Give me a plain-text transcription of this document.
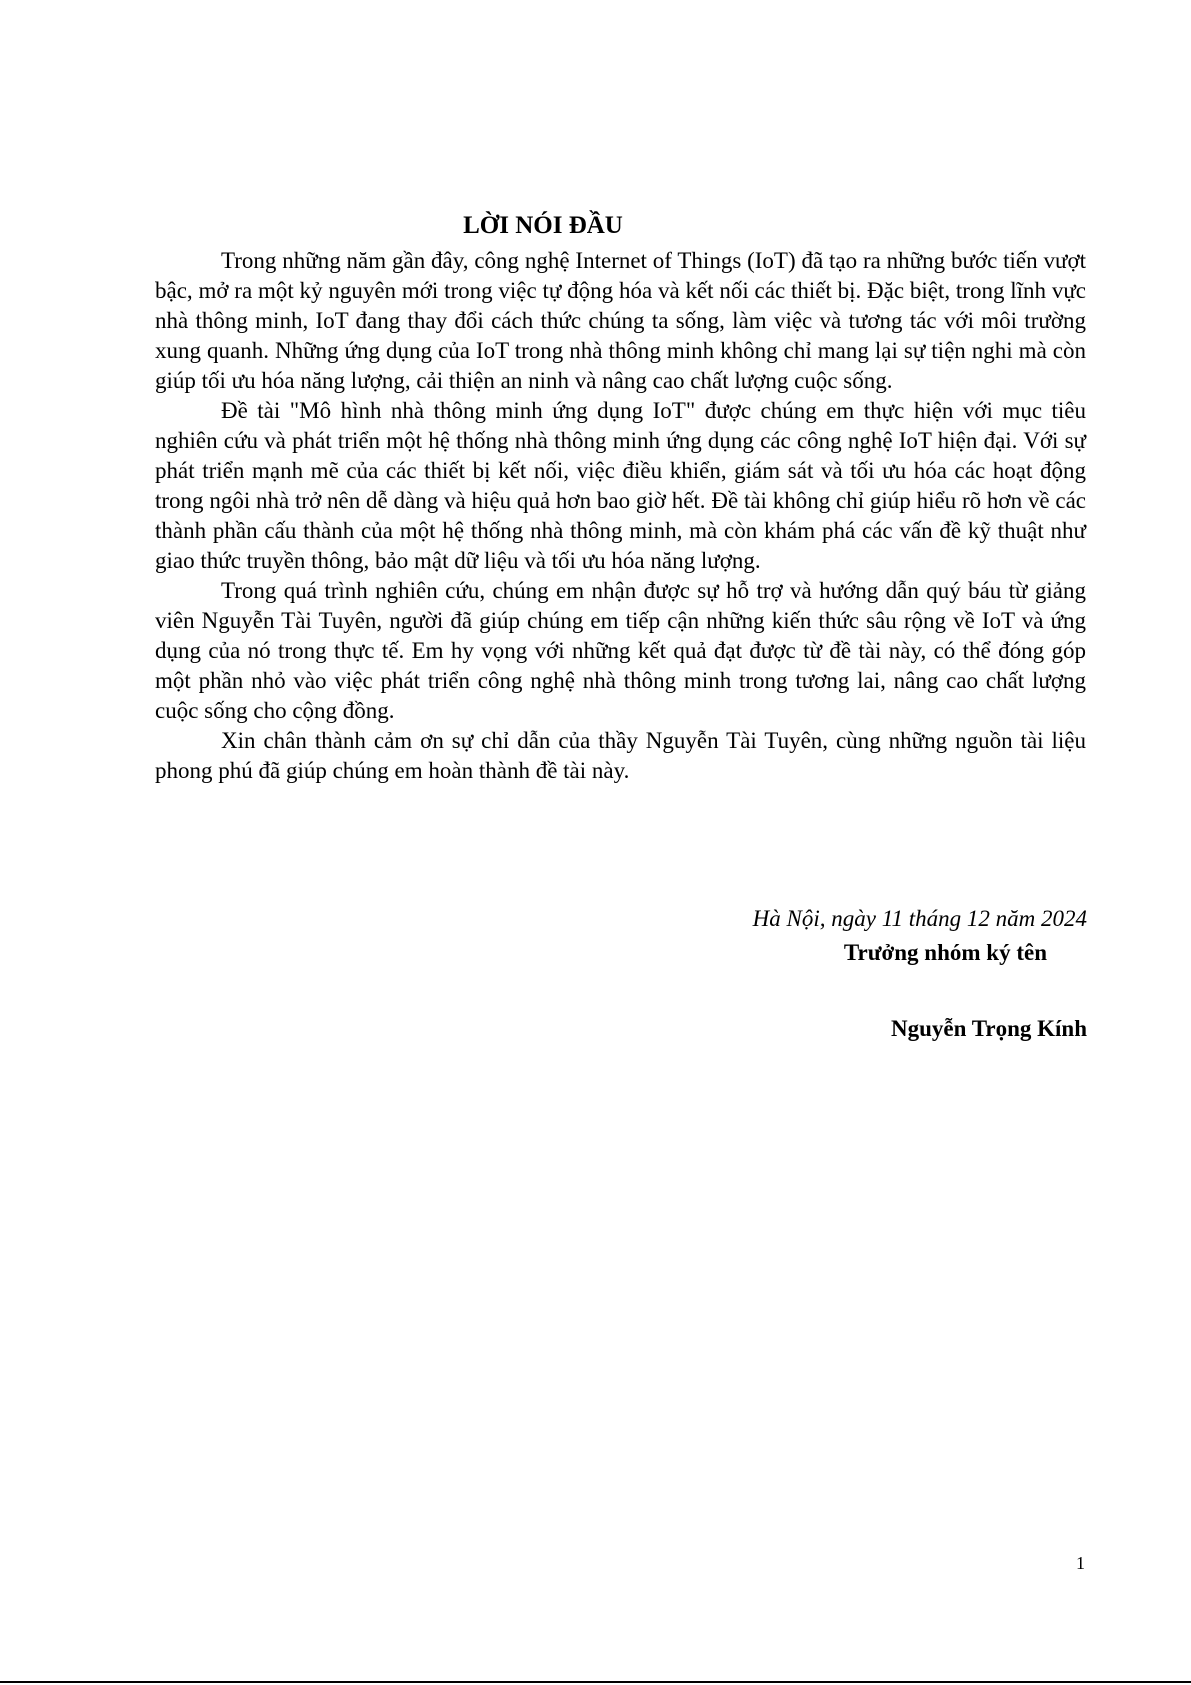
LỜI NÓI ĐẦU

Trong những năm gần đây, công nghệ Internet of Things (IoT) đã tạo ra những bước tiến vượt bậc, mở ra một kỷ nguyên mới trong việc tự động hóa và kết nối các thiết bị. Đặc biệt, trong lĩnh vực nhà thông minh, IoT đang thay đổi cách thức chúng ta sống, làm việc và tương tác với môi trường xung quanh. Những ứng dụng của IoT trong nhà thông minh không chỉ mang lại sự tiện nghi mà còn giúp tối ưu hóa năng lượng, cải thiện an ninh và nâng cao chất lượng cuộc sống.

Đề tài "Mô hình nhà thông minh ứng dụng IoT" được chúng em thực hiện với mục tiêu nghiên cứu và phát triển một hệ thống nhà thông minh ứng dụng các công nghệ IoT hiện đại. Với sự phát triển mạnh mẽ của các thiết bị kết nối, việc điều khiển, giám sát và tối ưu hóa các hoạt động trong ngôi nhà trở nên dễ dàng và hiệu quả hơn bao giờ hết. Đề tài không chỉ giúp hiểu rõ hơn về các thành phần cấu thành của một hệ thống nhà thông minh, mà còn khám phá các vấn đề kỹ thuật như giao thức truyền thông, bảo mật dữ liệu và tối ưu hóa năng lượng.

Trong quá trình nghiên cứu, chúng em nhận được sự hỗ trợ và hướng dẫn quý báu từ giảng viên Nguyễn Tài Tuyên, người đã giúp chúng em tiếp cận những kiến thức sâu rộng về IoT và ứng dụng của nó trong thực tế. Em hy vọng với những kết quả đạt được từ đề tài này, có thể đóng góp một phần nhỏ vào việc phát triển công nghệ nhà thông minh trong tương lai, nâng cao chất lượng cuộc sống cho cộng đồng.

Xin chân thành cảm ơn sự chỉ dẫn của thầy Nguyễn Tài Tuyên, cùng những nguồn tài liệu phong phú đã giúp chúng em hoàn thành đề tài này.

Hà Nội, ngày 11 tháng 12 năm 2024

Trưởng nhóm ký tên

Nguyễn Trọng Kính

1
